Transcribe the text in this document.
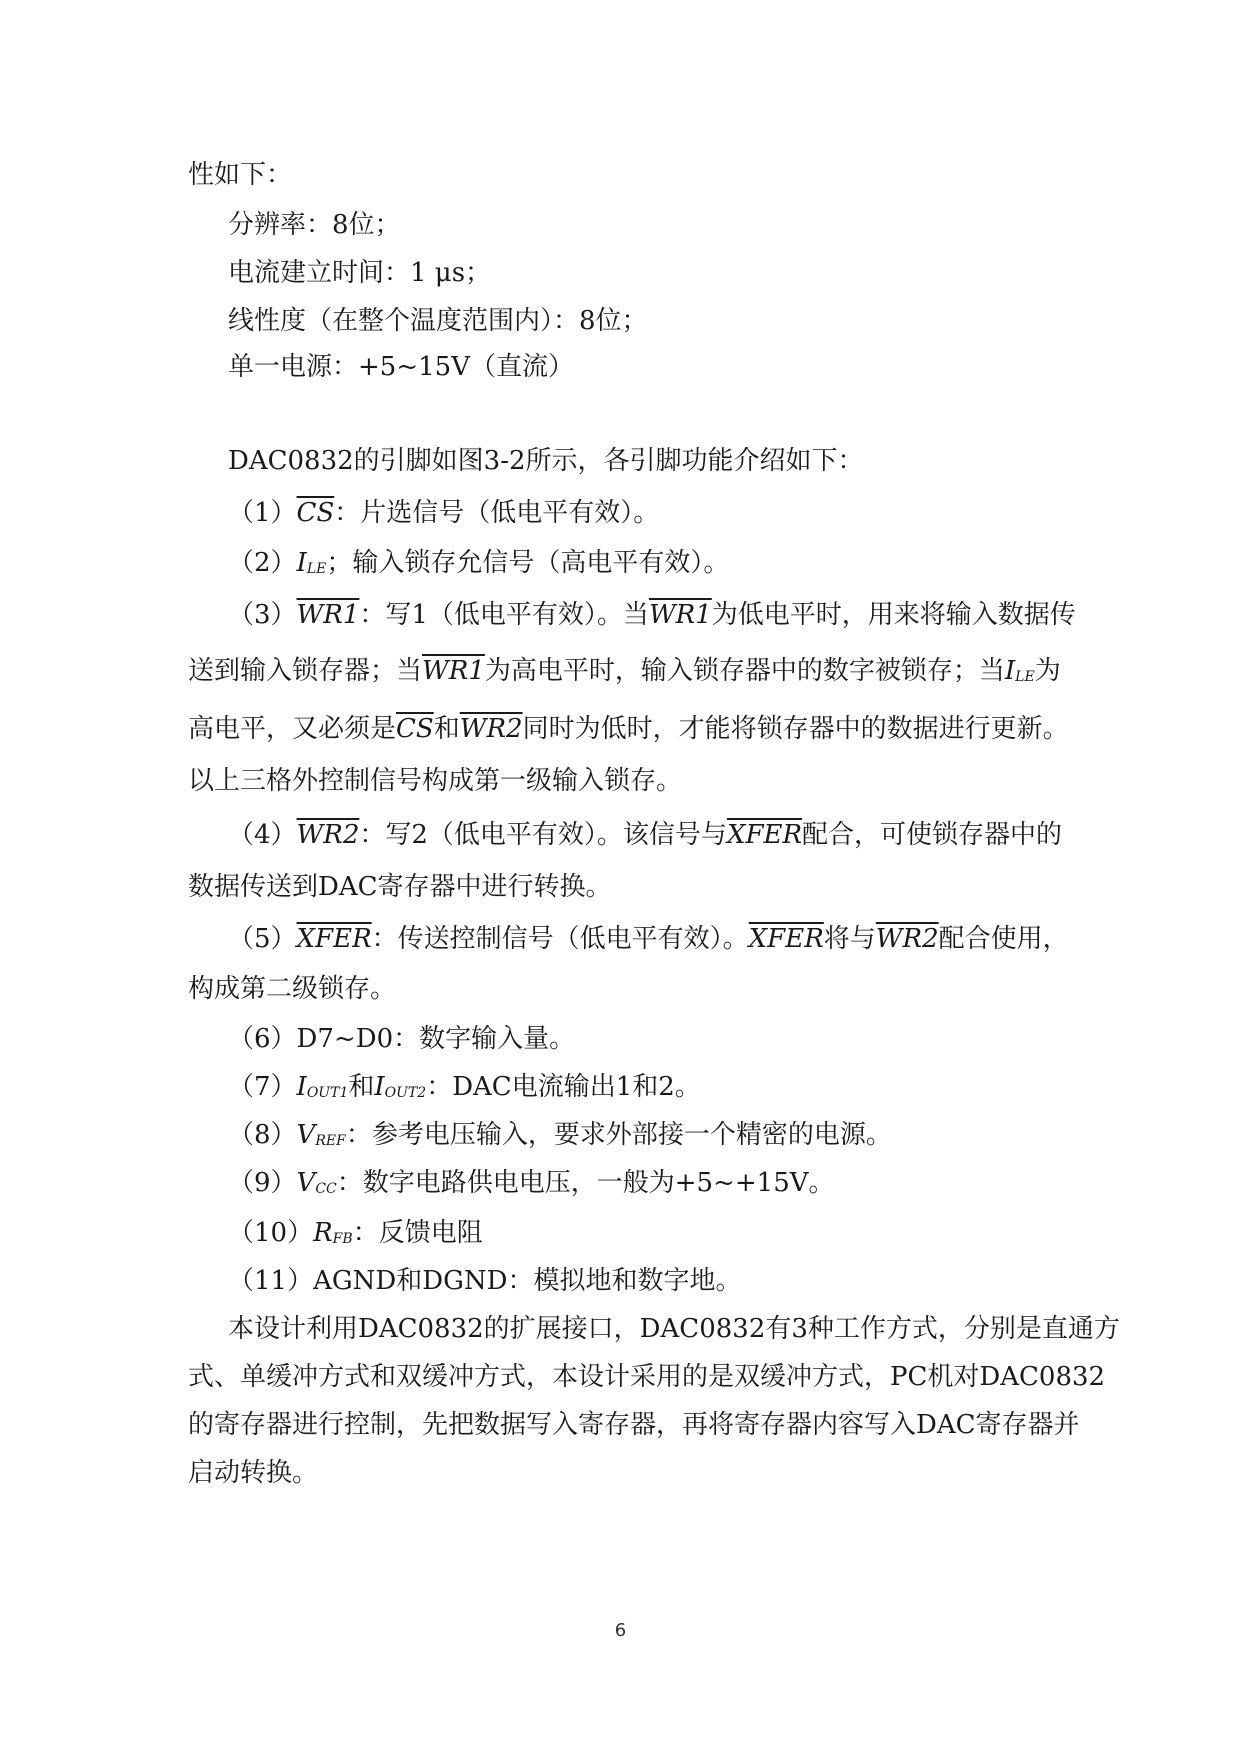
性如下：
分辨率：8位；
电流建立时间：1 μs；
线性度（在整个温度范围内）：8位；
单一电源：+5~15V（直流）
DAC0832的引脚如图3-2所示，各引脚功能介绍如下：
$(1)\overline{CS}$：片选信号（低电平有效）。
（2）ILE；输入锁存允信号（高电平有效）。
（3）WR1：写1（低电平有效）。当WR1为低电平时，用来将输入数据传
送到输入锁存器；当WR1为高电平时，输入锁存器中的数字被锁存；当ILE为
高电平，又必须是$\overline{CS}$和WR2同时为低时，才能将锁存器中的数据进行更新。
以上三格外控制信号构成第一级输入锁存。
（4）WR2：写2（低电平有效）。该信号与XFER配合，可使锁存器中的
数据传送到DAC寄存器中进行转换。
（5）XFER：传送控制信号（低电平有效）。XFER将与WR2配合使用，
构成第二级锁存。
（6）D7~D0：数字输入量。
（7）IOUT1和IOUT2：DAC电流输出1和2。
（8）VREF：参考电压输入，要求外部接一个精密的电源。
（9）VCC：数字电路供电电压，一般为+5~+15V。
（10）RFB：反馈电阻
（11）AGND和DGND：模拟地和数字地。
本设计利用DAC0832的扩展接口，DAC0832有3种工作方式，分别是直通方
式、单缓冲方式和双缓冲方式，本设计采用的是双缓冲方式，PC机对DAC0832
的寄存器进行控制，先把数据写入寄存器，再将寄存器内容写入DAC寄存器并
启动转换。
6
